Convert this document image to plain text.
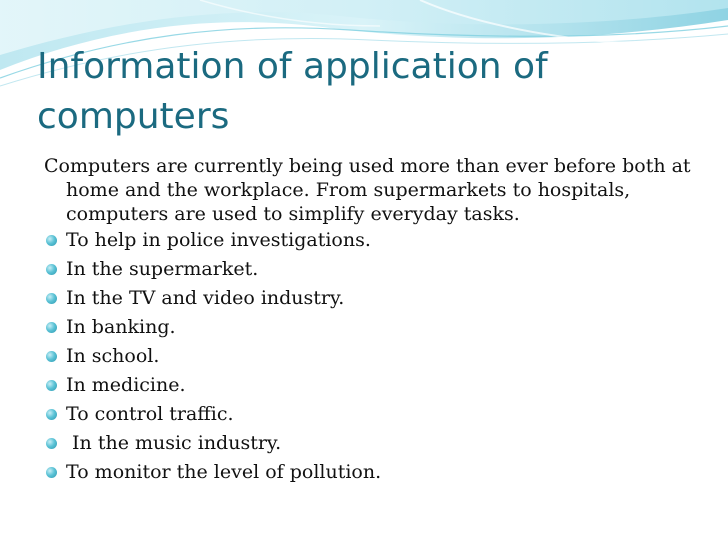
Information of application of computers

Computers are currently being used more than ever before both at home and the workplace. From supermarkets to hospitals, computers are used to simplify everyday tasks.

To help in police investigations.
In the supermarket.
In the TV and video industry.
In banking.
In school.
In medicine.
To control traffic.
In the music industry.
To monitor the level of pollution.
